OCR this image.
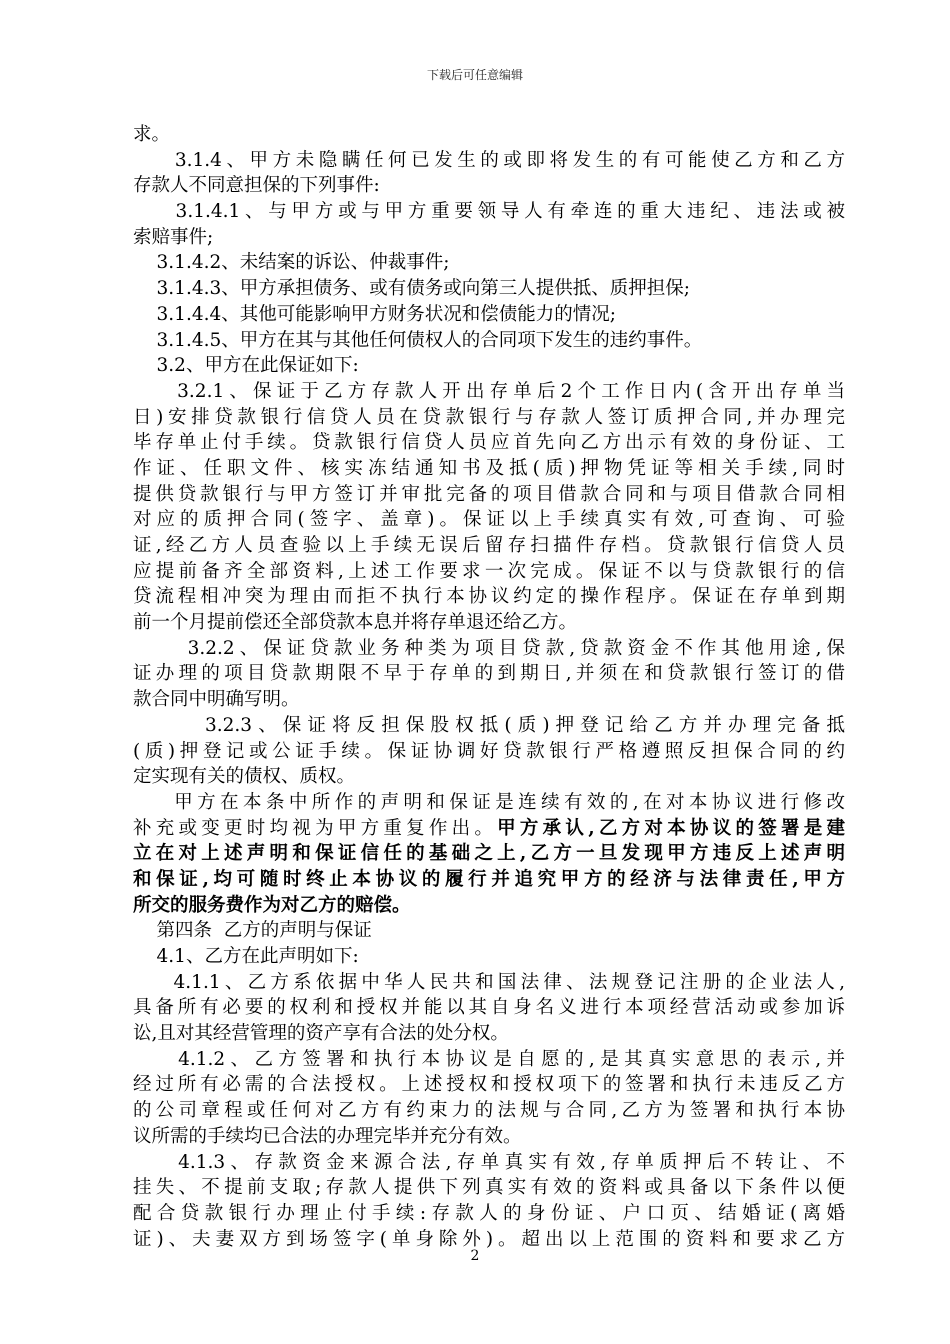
下载后可任意编辑
求。
3.1.4、甲方未隐瞒任何已发生的或即将发生的有可能使乙方和乙方
存款人不同意担保的下列事件:
3.1.4.1、与甲方或与甲方重要领导人有牵连的重大违纪、违法或被
索赔事件;
3.1.4.2、未结案的诉讼、仲裁事件;
3.1.4.3、甲方承担债务、或有债务或向第三人提供抵、质押担保;
3.1.4.4、其他可能影响甲方财务状况和偿债能力的情况;
3.1.4.5、甲方在其与其他任何债权人的合同项下发生的违约事件。
3.2、甲方在此保证如下:
3.2.1、保证于乙方存款人开出存单后2个工作日内(含开出存单当
日)安排贷款银行信贷人员在贷款银行与存款人签订质押合同,并办理完
毕存单止付手续。贷款银行信贷人员应首先向乙方出示有效的身份证、工
作证、任职文件、核实冻结通知书及抵(质)押物凭证等相关手续,同时
提供贷款银行与甲方签订并审批完备的项目借款合同和与项目借款合同相
对应的质押合同(签字、盖章)。保证以上手续真实有效,可查询、可验
证,经乙方人员查验以上手续无误后留存扫描件存档。贷款银行信贷人员
应提前备齐全部资料,上述工作要求一次完成。保证不以与贷款银行的信
贷流程相冲突为理由而拒不执行本协议约定的操作程序。保证在存单到期
前一个月提前偿还全部贷款本息并将存单退还给乙方。
3.2.2、保证贷款业务种类为项目贷款,贷款资金不作其他用途,保
证办理的项目贷款期限不早于存单的到期日,并须在和贷款银行签订的借
款合同中明确写明。
3.2.3、保证将反担保股权抵(质)押登记给乙方并办理完备抵
(质)押登记或公证手续。保证协调好贷款银行严格遵照反担保合同的约
定实现有关的债权、质权。
甲方在本条中所作的声明和保证是连续有效的,在对本协议进行修改
补充或变更时均视为甲方重复作出。甲方承认,乙方对本协议的签署是建
立在对上述声明和保证信任的基础之上,乙方一旦发现甲方违反上述声明
和保证,均可随时终止本协议的履行并追究甲方的经济与法律责任,甲方
所交的服务费作为对乙方的赔偿。
第四条  乙方的声明与保证
4.1、乙方在此声明如下:
4.1.1、乙方系依据中华人民共和国法律、法规登记注册的企业法人,
具备所有必要的权利和授权并能以其自身名义进行本项经营活动或参加诉
讼,且对其经营管理的资产享有合法的处分权。
4.1.2、乙方签署和执行本协议是自愿的,是其真实意思的表示,并
经过所有必需的合法授权。上述授权和授权项下的签署和执行未违反乙方
的公司章程或任何对乙方有约束力的法规与合同,乙方为签署和执行本协
议所需的手续均已合法的办理完毕并充分有效。
4.1.3、存款资金来源合法,存单真实有效,存单质押后不转让、不
挂失、不提前支取;存款人提供下列真实有效的资料或具备以下条件以便
配合贷款银行办理止付手续:存款人的身份证、户口页、结婚证(离婚
证)、夫妻双方到场签字(单身除外)。超出以上范围的资料和要求乙方
2
